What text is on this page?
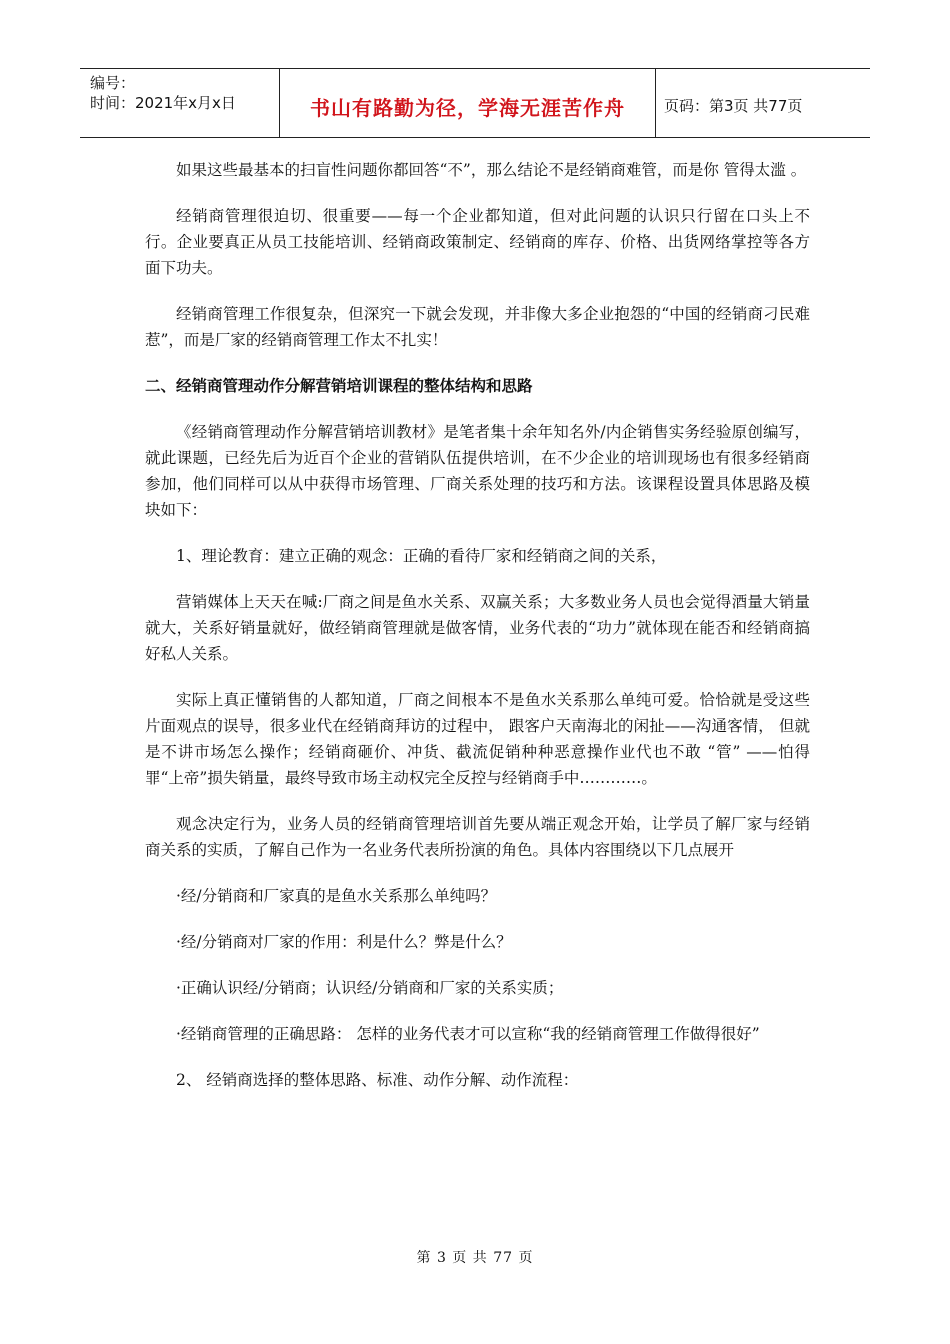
编号：
时间：2021年x月x日	书山有路勤为径，学海无涯苦作舟	页码：第3页 共77页

如果这些最基本的扫盲性问题你都回答“不”，那么结论不是经销商难管，而是你 管得太滥 。

经销商管理很迫切、很重要——每一个企业都知道，但对此问题的认识只行留在口头上不行。企业要真正从员工技能培训、经销商政策制定、经销商的库存、价格、出货网络掌控等各方面下功夫。

经销商管理工作很复杂，但深究一下就会发现，并非像大多企业抱怨的“中国的经销商刁民难惹”，而是厂家的经销商管理工作太不扎实！

二、经销商管理动作分解营销培训课程的整体结构和思路

《经销商管理动作分解营销培训教材》是笔者集十余年知名外/内企销售实务经验原创编写，就此课题，已经先后为近百个企业的营销队伍提供培训，在不少企业的培训现场也有很多经销商参加，他们同样可以从中获得市场管理、厂商关系处理的技巧和方法。该课程设置具体思路及模块如下：

1、理论教育：建立正确的观念：正确的看待厂家和经销商之间的关系，

营销媒体上天天在喊:厂商之间是鱼水关系、双赢关系；大多数业务人员也会觉得酒量大销量就大，关系好销量就好，做经销商管理就是做客情，业务代表的“功力”就体现在能否和经销商搞好私人关系。

实际上真正懂销售的人都知道，厂商之间根本不是鱼水关系那么单纯可爱。恰恰就是受这些片面观点的误导，很多业代在经销商拜访的过程中， 跟客户天南海北的闲扯——沟通客情， 但就是不讲市场怎么操作；经销商砸价、冲货、截流促销种种恶意操作业代也不敢 “管” ——怕得罪“上帝”损失销量，最终导致市场主动权完全反控与经销商手中…………。

观念决定行为，业务人员的经销商管理培训首先要从端正观念开始，让学员了解厂家与经销商关系的实质，了解自己作为一名业务代表所扮演的角色。具体内容围绕以下几点展开

·经/分销商和厂家真的是鱼水关系那么单纯吗？

·经/分销商对厂家的作用：利是什么？弊是什么？

·正确认识经/分销商；认识经/分销商和厂家的关系实质；

·经销商管理的正确思路： 怎样的业务代表才可以宣称“我的经销商管理工作做得很好”

2、 经销商选择的整体思路、标准、动作分解、动作流程：

第 3 页 共 77 页
